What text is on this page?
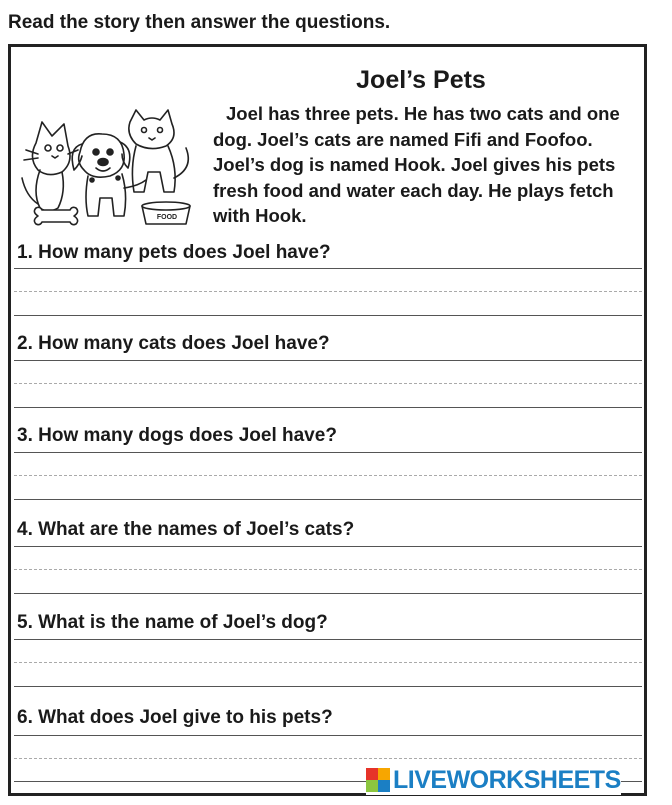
Read the story then answer the questions.
Joel’s Pets
FOOD
Joel has three pets. He has two cats and one dog. Joel’s cats are named Fifi and Foofoo. Joel’s dog is named Hook. Joel gives his pets fresh food and water each day. He plays fetch with Hook.
1. How many pets does Joel have?
2. How many cats does Joel have?
3. How many dogs does Joel have?
4. What are the names of Joel’s cats?
5. What is the name of Joel’s dog?
6. What does Joel give to his pets?
LIVEWORKSHEETS
